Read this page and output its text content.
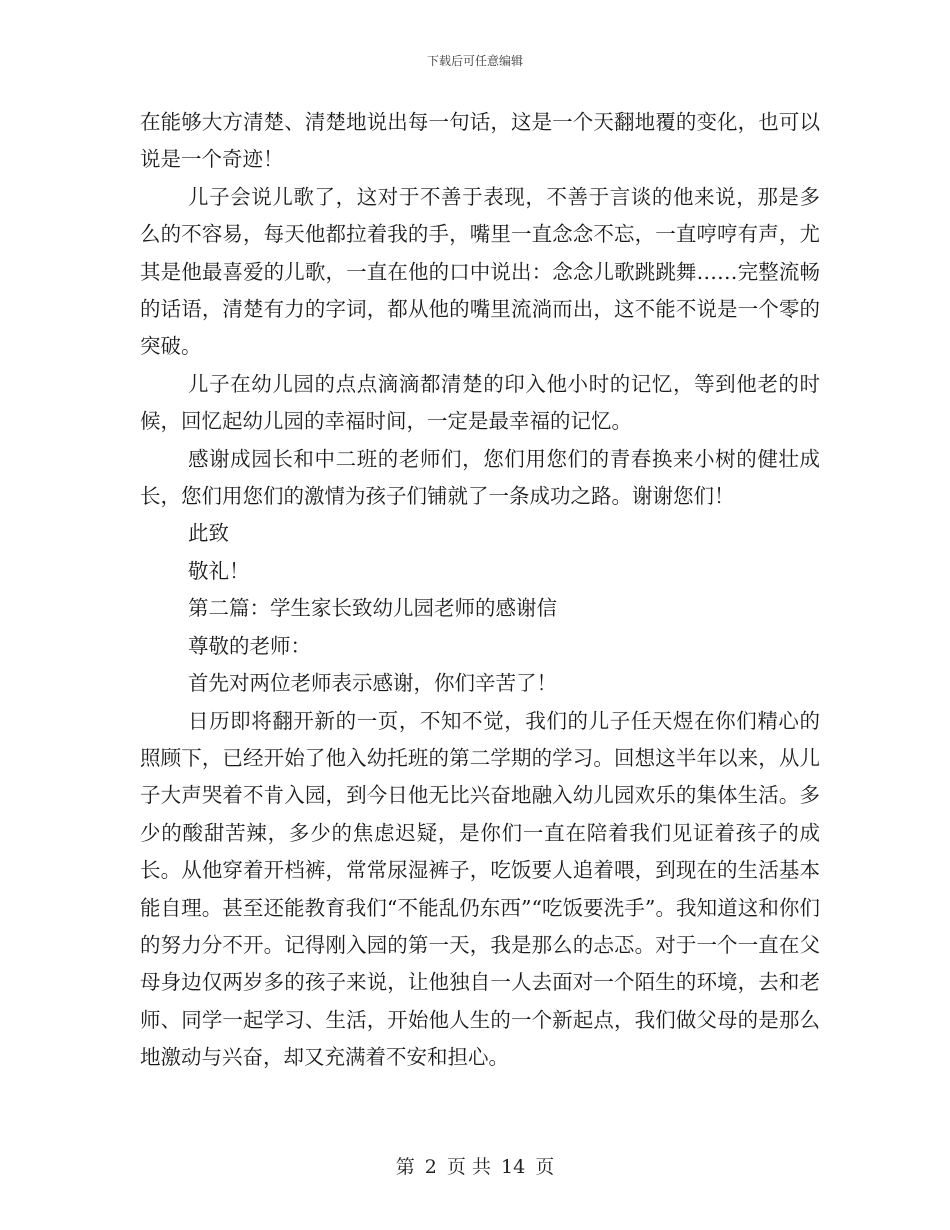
下载后可任意编辑

在能够大方清楚、清楚地说出每一句话，这是一个天翻地覆的变化，也可以说是一个奇迹！

儿子会说儿歌了，这对于不善于表现，不善于言谈的他来说，那是多么的不容易，每天他都拉着我的手，嘴里一直念念不忘，一直哼哼有声，尤其是他最喜爱的儿歌，一直在他的口中说出：念念儿歌跳跳舞……完整流畅的话语，清楚有力的字词，都从他的嘴里流淌而出，这不能不说是一个零的突破。

儿子在幼儿园的点点滴滴都清楚的印入他小时的记忆，等到他老的时候，回忆起幼儿园的幸福时间，一定是最幸福的记忆。

感谢成园长和中二班的老师们，您们用您们的青春换来小树的健壮成长，您们用您们的激情为孩子们铺就了一条成功之路。谢谢您们！

此致

敬礼！

第二篇：学生家长致幼儿园老师的感谢信

尊敬的老师：

首先对两位老师表示感谢，你们辛苦了！

日历即将翻开新的一页，不知不觉，我们的儿子任天煜在你们精心的照顾下，已经开始了他入幼托班的第二学期的学习。回想这半年以来，从儿子大声哭着不肯入园，到今日他无比兴奋地融入幼儿园欢乐的集体生活。多少的酸甜苦辣，多少的焦虑迟疑，是你们一直在陪着我们见证着孩子的成长。从他穿着开档裤，常常尿湿裤子，吃饭要人追着喂，到现在的生活基本能自理。甚至还能教育我们“不能乱仍东西”“吃饭要洗手”。我知道这和你们的努力分不开。记得刚入园的第一天，我是那么的忐忑。对于一个一直在父母身边仅两岁多的孩子来说，让他独自一人去面对一个陌生的环境，去和老师、同学一起学习、生活，开始他人生的一个新起点，我们做父母的是那么地激动与兴奋，却又充满着不安和担心。

第 2 页 共 14 页
